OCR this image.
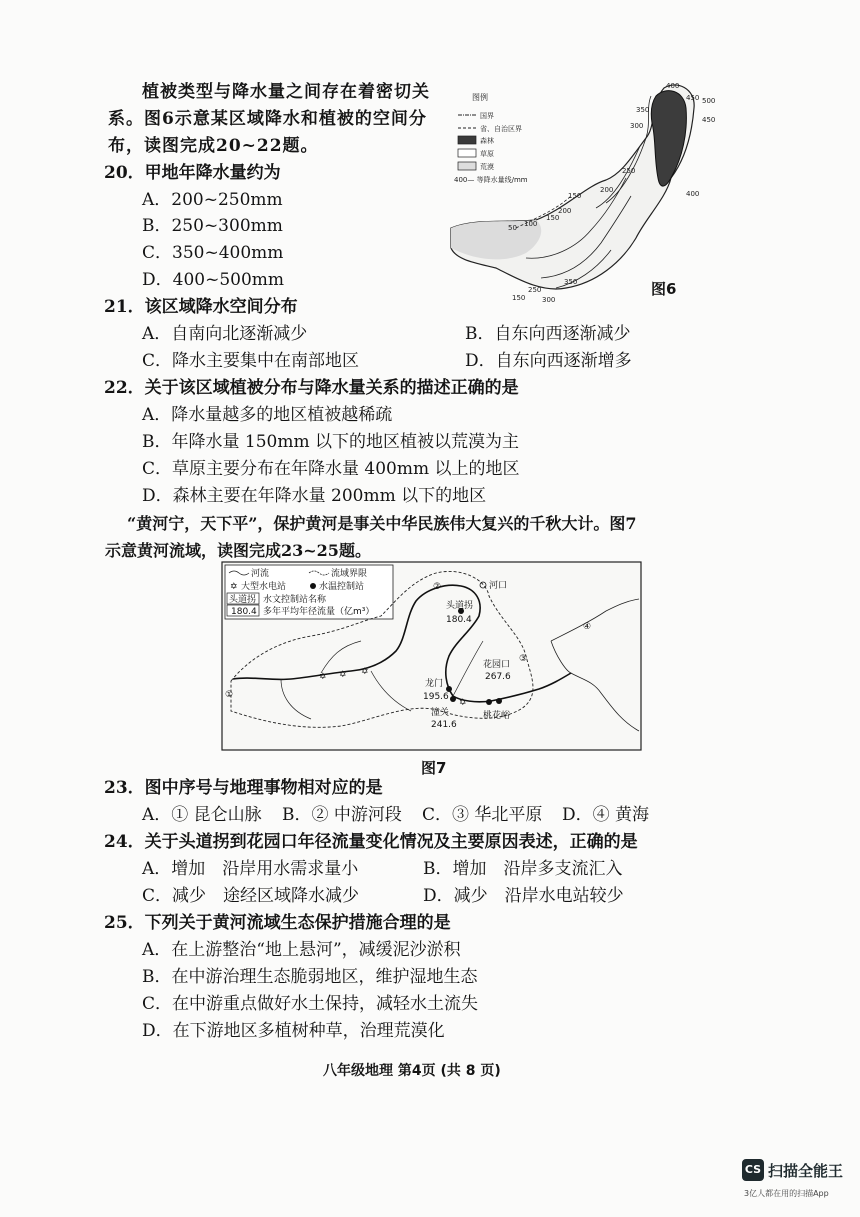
植被类型与降水量之间存在着密切关
系。图6示意某区域降水和植被的空间分
布，读图完成20~22题。
20．甲地年降水量约为
A．200~250mm
B．250~300mm
C．350~400mm
D．400~500mm
图例
国界
省、自治区界
森林
草原
荒漠
400— 等降水量线/mm
400
450 500
350
300
450
250
400
200
150
150
50 100
200
150
250
300
350	图6
21．该区域降水空间分布
A．自南向北逐渐减少	B．自东向西逐渐减少
C．降水主要集中在南部地区	D．自东向西逐渐增多
22．关于该区域植被分布与降水量关系的描述正确的是
A．降水量越多的地区植被越稀疏
B．年降水量 150mm 以下的地区植被以荒漠为主
C．草原主要分布在年降水量 400mm 以上的地区
D．森林主要在年降水量 200mm 以下的地区
“黄河宁，天下平”，保护黄河是事关中华民族伟大复兴的千秋大计。图7
示意黄河流域，读图完成23~25题。
河流	流域界限
✡ 大型水电站	水温控制站
头道拐 水文控制站名称
180.4 多年平均年径流量（亿m³）
✡
✡	✡
✡
头道拐
180.4
花园口
267.6
龙门
195.6
潼关
241.6
桃花峪
河口
②
③
④
①
图7
23．图中序号与地理事物相对应的是
A．① 昆仑山脉 B．② 中游河段 C．③ 华北平原 D．④ 黄海
24．关于头道拐到花园口年径流量变化情况及主要原因表述，正确的是
A．增加　沿岸用水需求量小	B．增加　沿岸多支流汇入
C．减少　途经区域降水减少	D．减少　沿岸水电站较少
25．下列关于黄河流域生态保护措施合理的是
A．在上游整治“地上悬河”，减缓泥沙淤积
B．在中游治理生态脆弱地区，维护湿地生态
C．在中游重点做好水土保持，减轻水土流失
D．在下游地区多植树种草，治理荒漠化
八年级地理 第4页 (共 8 页)
CS 扫描全能王
3亿人都在用的扫描App
